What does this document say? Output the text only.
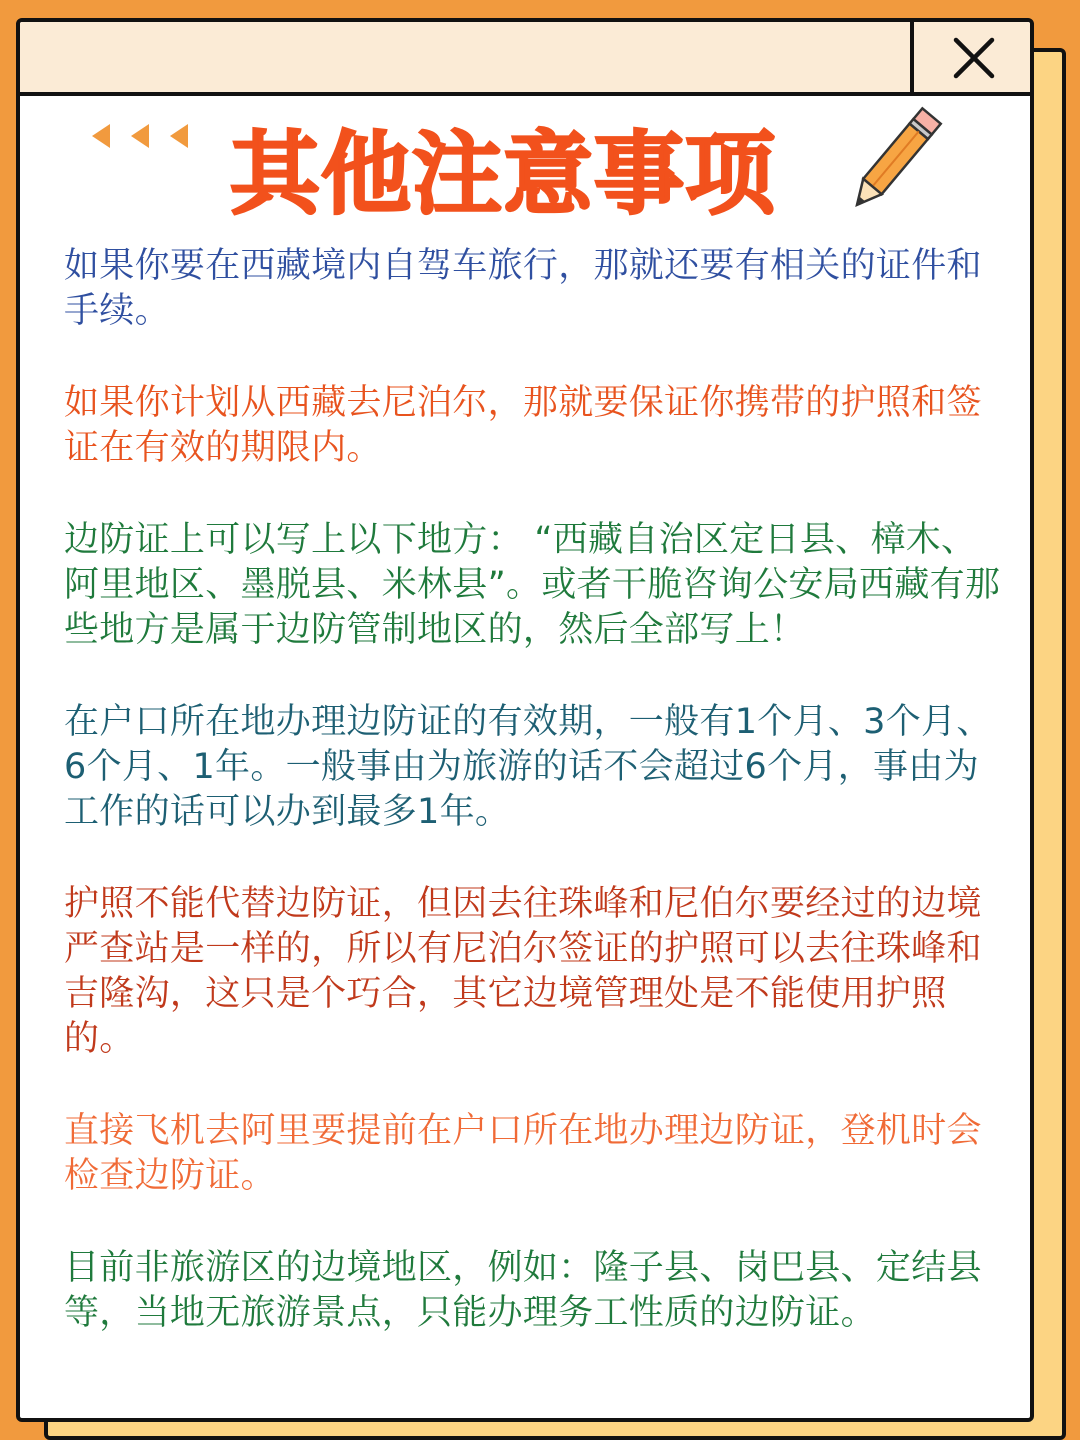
其他注意事项

如果你要在西藏境内自驾车旅行，那就还要有相关的证件和手续。

如果你计划从西藏去尼泊尔，那就要保证你携带的护照和签证在有效的期限内。

边防证上可以写上以下地方： “西藏自治区定日县、樟木、阿里地区、墨脱县、米林县”。或者干脆咨询公安局西藏有那些地方是属于边防管制地区的，然后全部写上！

在户口所在地办理边防证的有效期，一般有1个月、3个月、6个月、1年。一般事由为旅游的话不会超过6个月，事由为工作的话可以办到最多1年。

护照不能代替边防证，但因去往珠峰和尼伯尔要经过的边境严查站是一样的，所以有尼泊尔签证的护照可以去往珠峰和吉隆沟，这只是个巧合，其它边境管理处是不能使用护照的。

直接飞机去阿里要提前在户口所在地办理边防证，登机时会检查边防证。

目前非旅游区的边境地区，例如：隆子县、岗巴县、定结县等，当地无旅游景点，只能办理务工性质的边防证。
